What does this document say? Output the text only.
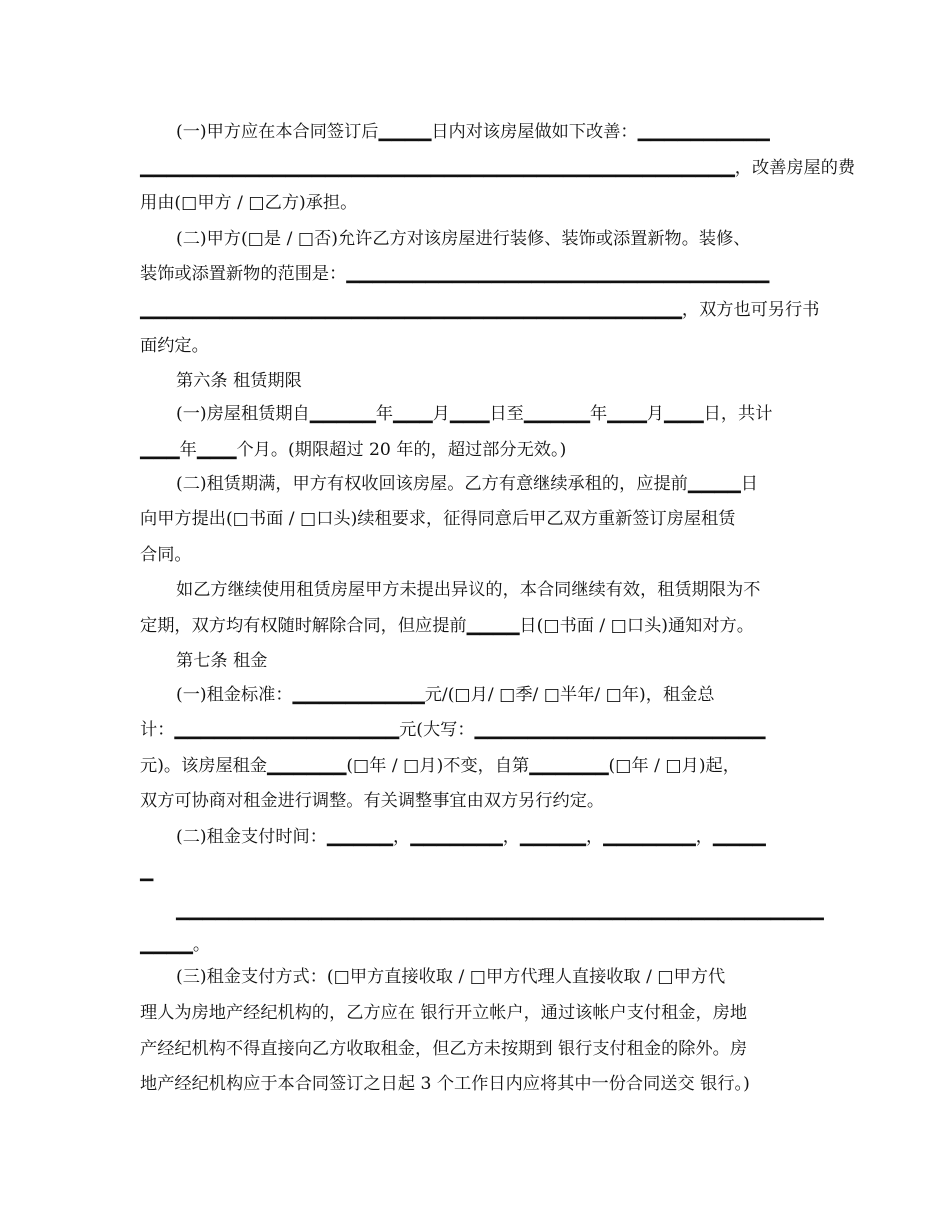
(一)甲方应在本合同签订后▁▁▁▁日内对该房屋做如下改善：▁▁▁▁▁▁▁▁▁▁
▁▁▁▁▁▁▁▁▁▁▁▁▁▁▁▁▁▁▁▁▁▁▁▁▁▁▁▁▁▁▁▁▁▁▁▁▁▁▁▁▁▁▁▁▁，改善房屋的费
用由(□甲方 / □乙方)承担。
(二)甲方(□是 / □否)允许乙方对该房屋进行装修、装饰或添置新物。装修、
装饰或添置新物的范围是：▁▁▁▁▁▁▁▁▁▁▁▁▁▁▁▁▁▁▁▁▁▁▁▁▁▁▁▁▁▁▁▁
▁▁▁▁▁▁▁▁▁▁▁▁▁▁▁▁▁▁▁▁▁▁▁▁▁▁▁▁▁▁▁▁▁▁▁▁▁▁▁▁▁，双方也可另行书
面约定。
第六条 租赁期限
(一)房屋租赁期自▁▁▁▁▁年▁▁▁月▁▁▁日至▁▁▁▁▁年▁▁▁月▁▁▁日，共计
▁▁▁年▁▁▁个月。(期限超过 20 年的，超过部分无效。)
(二)租赁期满，甲方有权收回该房屋。乙方有意继续承租的，应提前▁▁▁▁日
向甲方提出(□书面 / □口头)续租要求，征得同意后甲乙双方重新签订房屋租赁
合同。
如乙方继续使用租赁房屋甲方未提出异议的，本合同继续有效，租赁期限为不
定期，双方均有权随时解除合同，但应提前▁▁▁▁日(□书面 / □口头)通知对方。
第七条 租金
(一)租金标准：▁▁▁▁▁▁▁▁▁▁元/(□月/ □季/ □半年/ □年)，租金总
计：▁▁▁▁▁▁▁▁▁▁▁▁▁▁▁▁▁元(大写：▁▁▁▁▁▁▁▁▁▁▁▁▁▁▁▁▁▁▁▁▁▁
元)。该房屋租金▁▁▁▁▁▁(□年 / □月)不变，自第▁▁▁▁▁▁(□年 / □月)起，
双方可协商对租金进行调整。有关调整事宜由双方另行约定。
(二)租金支付时间：▁▁▁▁▁，▁▁▁▁▁▁▁，▁▁▁▁▁，▁▁▁▁▁▁▁，▁▁▁▁
▁
▁▁▁▁▁▁▁▁▁▁▁▁▁▁▁▁▁▁▁▁▁▁▁▁▁▁▁▁▁▁▁▁▁▁▁▁▁▁▁▁▁▁▁▁▁▁▁▁▁
▁▁▁▁。
(三)租金支付方式：(□甲方直接收取 / □甲方代理人直接收取 / □甲方代
理人为房地产经纪机构的，乙方应在 银行开立帐户，通过该帐户支付租金，房地
产经纪机构不得直接向乙方收取租金，但乙方未按期到 银行支付租金的除外。房
地产经纪机构应于本合同签订之日起 3 个工作日内应将其中一份合同送交 银行。)
